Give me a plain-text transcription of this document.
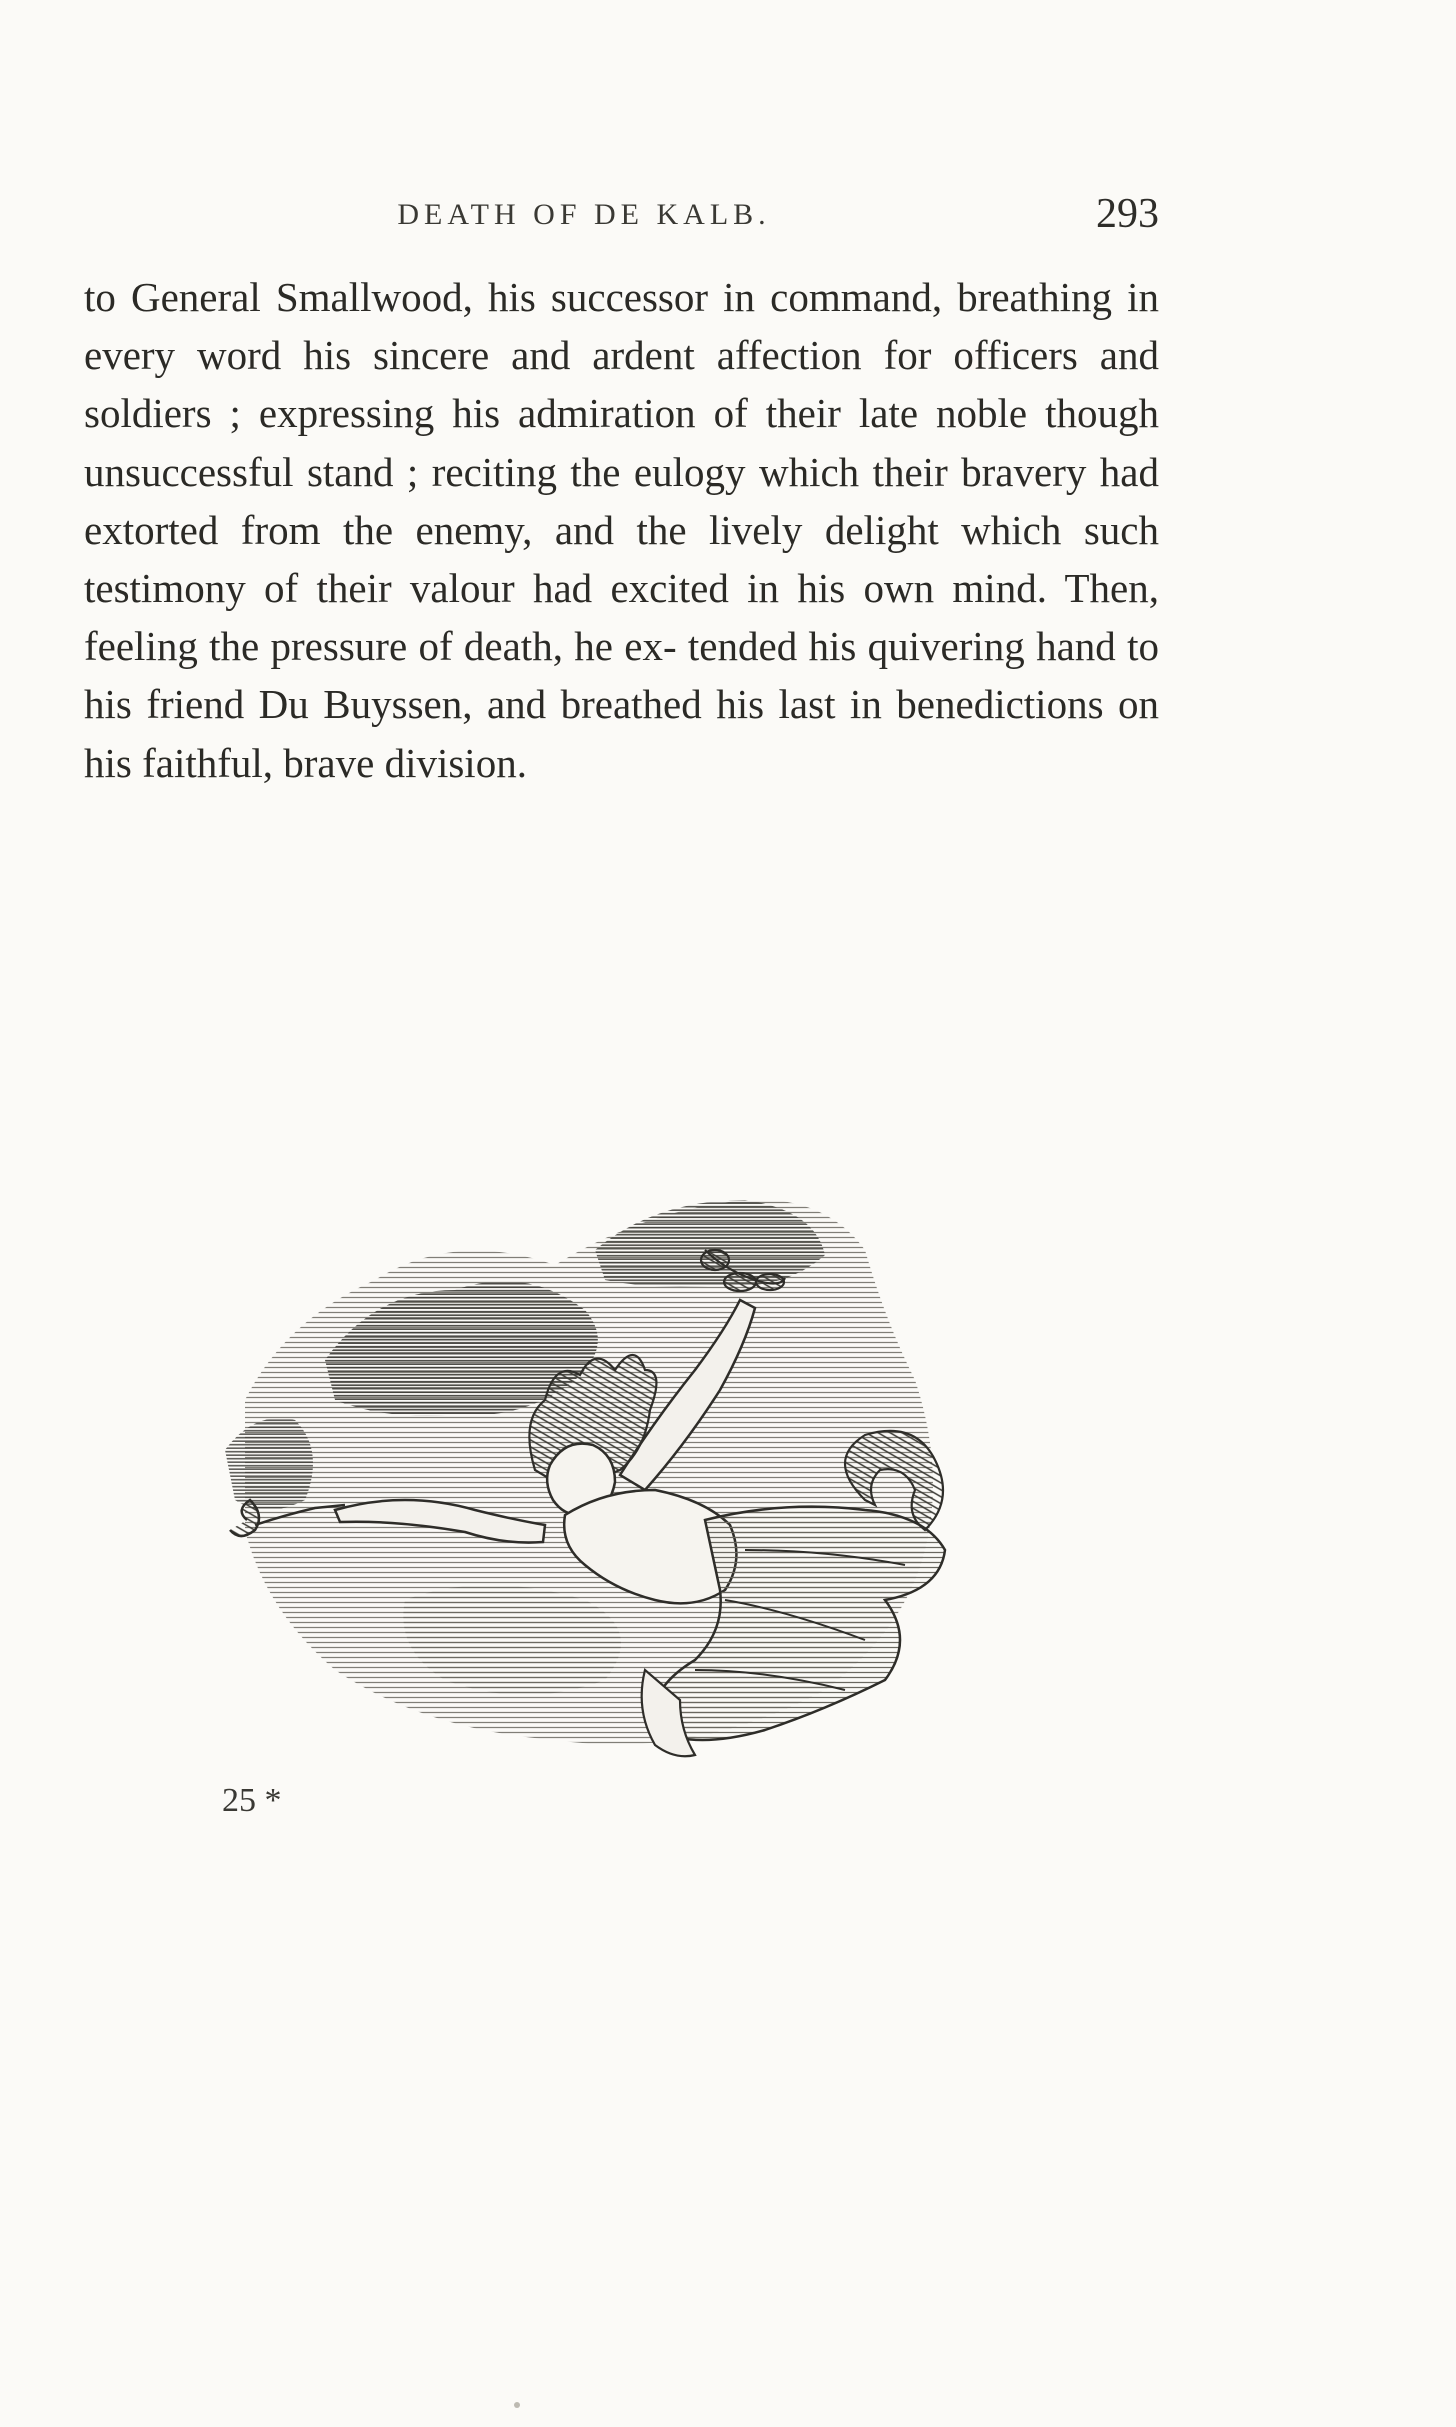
DEATH OF DE KALB.	293

to General Smallwood, his successor in command, breathing in every word his sincere and ardent affection for officers and soldiers ; expressing his admiration of their late noble though unsuccessful stand ; reciting the eulogy which their bravery had extorted from the enemy, and the lively delight which such testimony of their valour had excited in his own mind. Then, feeling the pressure of death, he ex- tended his quivering hand to his friend Du Buyssen, and breathed his last in benedictions on his faithful, brave division.

25 *
